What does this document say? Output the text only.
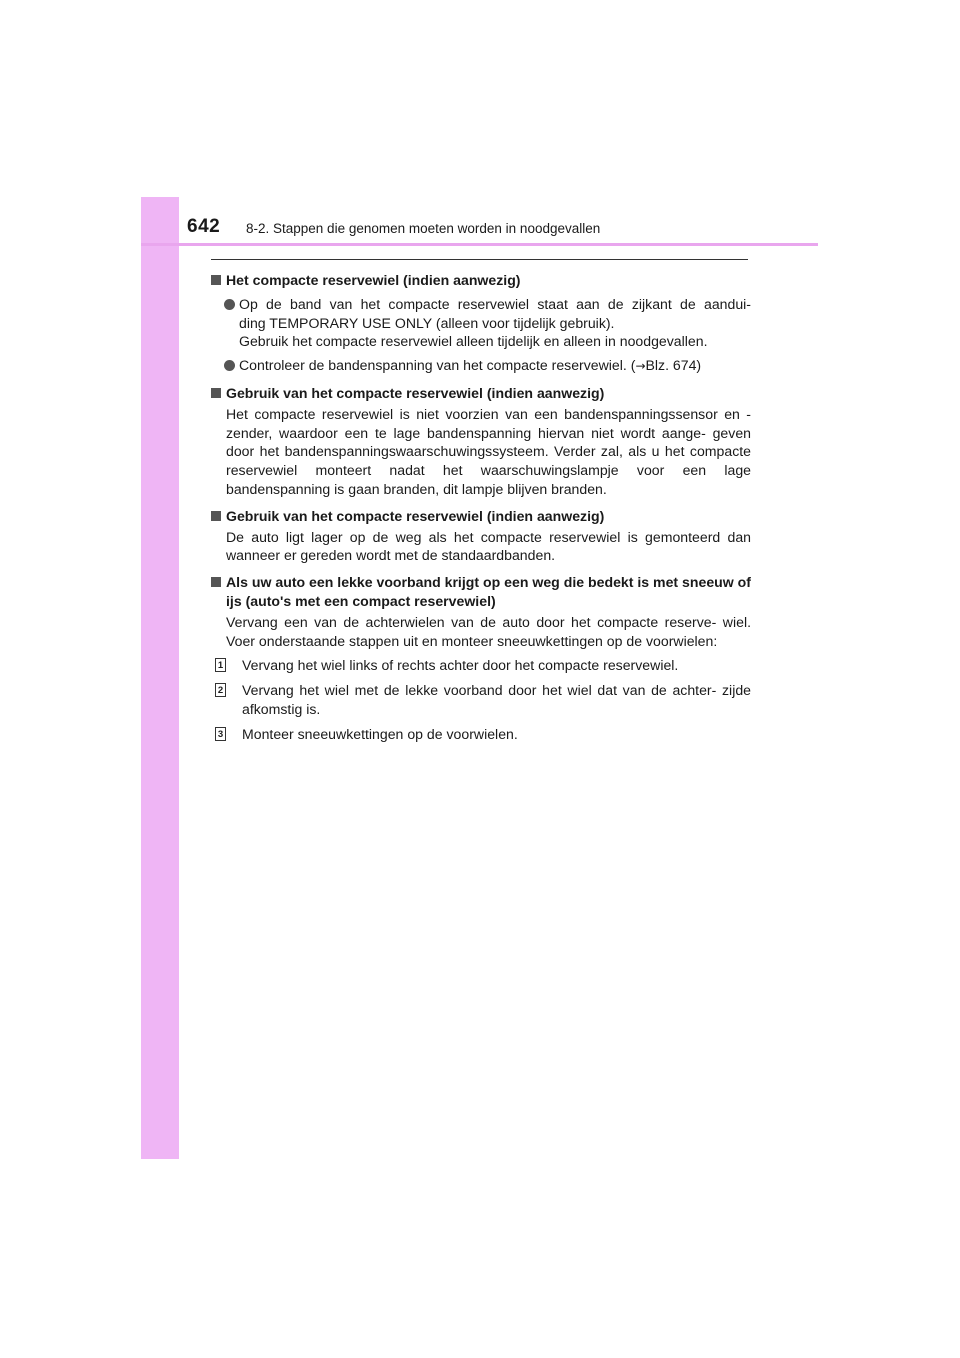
642 8-2. Stappen die genomen moeten worden in noodgevallen
Het compacte reservewiel (indien aanwezig)
Op de band van het compacte reservewiel staat aan de zijkant de aandui-
ding TEMPORARY USE ONLY (alleen voor tijdelijk gebruik).
Gebruik het compacte reservewiel alleen tijdelijk en alleen in noodgevallen.
Controleer de bandenspanning van het compacte reservewiel. (→Blz. 674)
Gebruik van het compacte reservewiel (indien aanwezig)
Het compacte reservewiel is niet voorzien van een bandenspanningssensor en -zender, waardoor een te lage bandenspanning hiervan niet wordt aange- geven door het bandenspanningswaarschuwingssysteem. Verder zal, als u het compacte reservewiel monteert nadat het waarschuwingslampje voor een lage bandenspanning is gaan branden, dit lampje blijven branden.
Gebruik van het compacte reservewiel (indien aanwezig)
De auto ligt lager op de weg als het compacte reservewiel is gemonteerd dan wanneer er gereden wordt met de standaardbanden.
Als uw auto een lekke voorband krijgt op een weg die bedekt is met sneeuw of ijs (auto's met een compact reservewiel)
Vervang een van de achterwielen van de auto door het compacte reserve- wiel. Voer onderstaande stappen uit en monteer sneeuwkettingen op de voorwielen:
1 Vervang het wiel links of rechts achter door het compacte reservewiel.
2 Vervang het wiel met de lekke voorband door het wiel dat van de achter- zijde afkomstig is.
3 Monteer sneeuwkettingen op de voorwielen.
